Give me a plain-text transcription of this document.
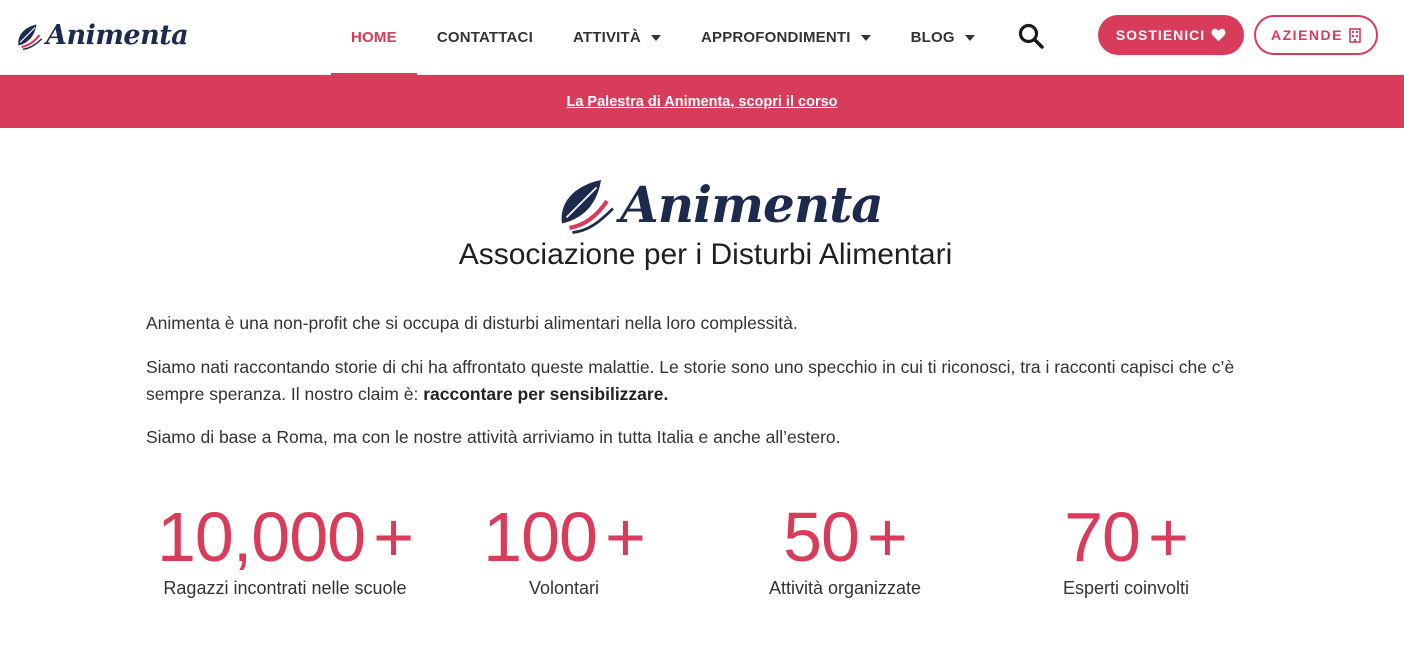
Animenta	HOME	CONTATTACI	ATTIVITÀ	APPROFONDIMENTI	BLOG	SOSTIENICI	AZIENDE
La Palestra di Animenta, scopri il corso
Animenta
Associazione per i Disturbi Alimentari

Animenta è una non-profit che si occupa di disturbi alimentari nella loro complessità.

Siamo nati raccontando storie di chi ha affrontato queste malattie. Le storie sono uno specchio in cui ti riconosci, tra i racconti capisci che c’è sempre speranza. Il nostro claim è: raccontare per sensibilizzare.

Siamo di base a Roma, ma con le nostre attività arriviamo in tutta Italia e anche all’estero.

10,000 +
Ragazzi incontrati nelle scuole
100 +
Volontari
50 +
Attività organizzate
70 +
Esperti coinvolti
